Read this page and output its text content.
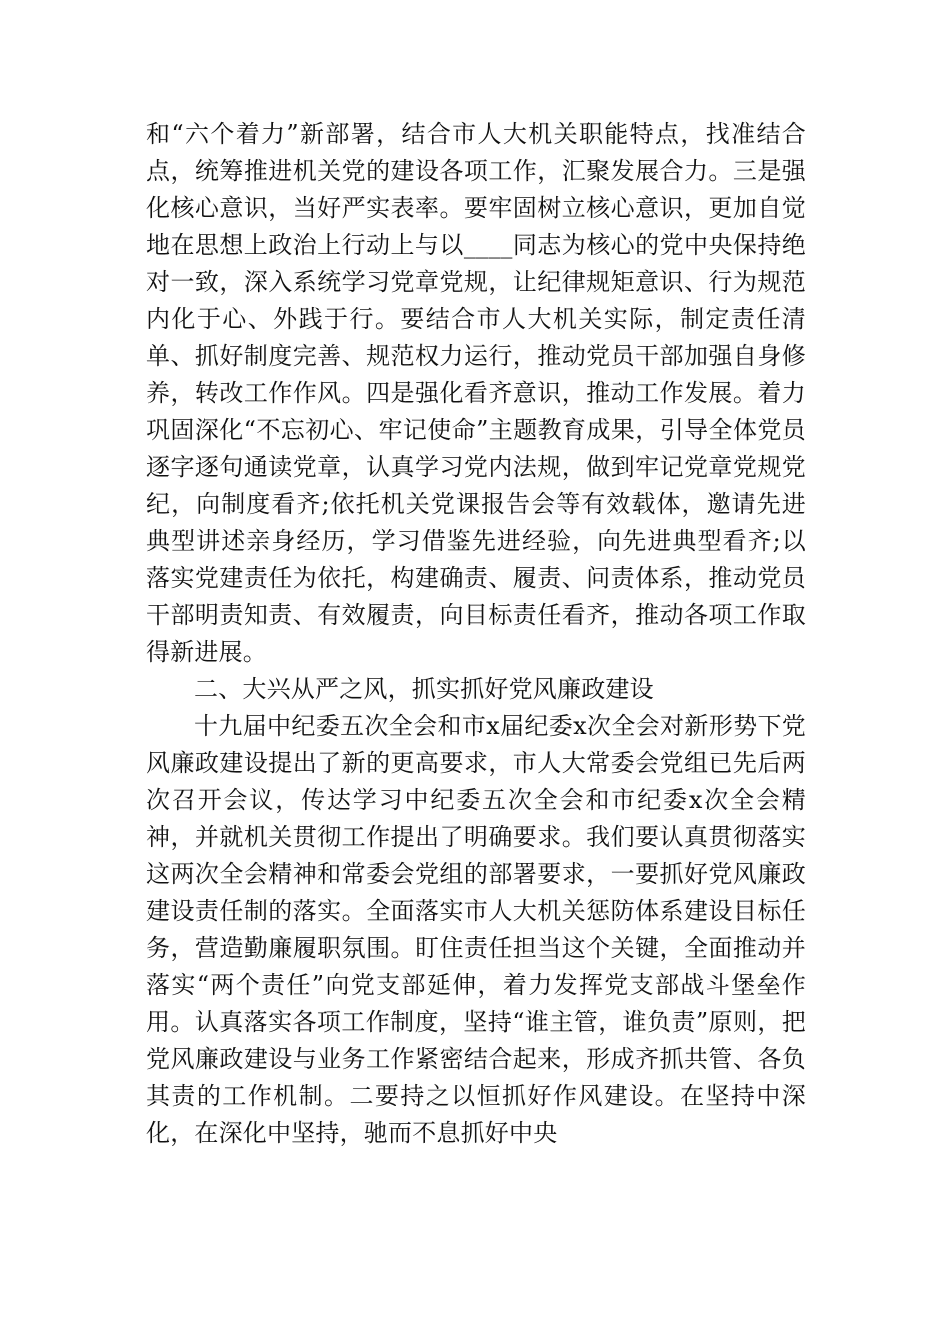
和“六个着力”新部署，结合市人大机关职能特点，找准结合点，统筹推进机关党的建设各项工作，汇聚发展合力。三是强化核心意识，当好严实表率。要牢固树立核心意识，更加自觉地在思想上政治上行动上与以____同志为核心的党中央保持绝对一致，深入系统学习党章党规，让纪律规矩意识、行为规范内化于心、外践于行。要结合市人大机关实际，制定责任清单、抓好制度完善、规范权力运行，推动党员干部加强自身修养，转改工作作风。四是强化看齐意识，推动工作发展。着力巩固深化“不忘初心、牢记使命”主题教育成果，引导全体党员逐字逐句通读党章，认真学习党内法规，做到牢记党章党规党纪，向制度看齐;依托机关党课报告会等有效载体，邀请先进典型讲述亲身经历，学习借鉴先进经验，向先进典型看齐;以落实党建责任为依托，构建确责、履责、问责体系，推动党员干部明责知责、有效履责，向目标责任看齐，推动各项工作取得新进展。

二、大兴从严之风，抓实抓好党风廉政建设

十九届中纪委五次全会和市x届纪委x次全会对新形势下党风廉政建设提出了新的更高要求，市人大常委会党组已先后两次召开会议，传达学习中纪委五次全会和市纪委x次全会精神，并就机关贯彻工作提出了明确要求。我们要认真贯彻落实这两次全会精神和常委会党组的部署要求，一要抓好党风廉政建设责任制的落实。全面落实市人大机关惩防体系建设目标任务，营造勤廉履职氛围。盯住责任担当这个关键，全面推动并落实“两个责任”向党支部延伸，着力发挥党支部战斗堡垒作用。认真落实各项工作制度，坚持“谁主管，谁负责”原则，把党风廉政建设与业务工作紧密结合起来，形成齐抓共管、各负其责的工作机制。二要持之以恒抓好作风建设。在坚持中深化，在深化中坚持，驰而不息抓好中央
